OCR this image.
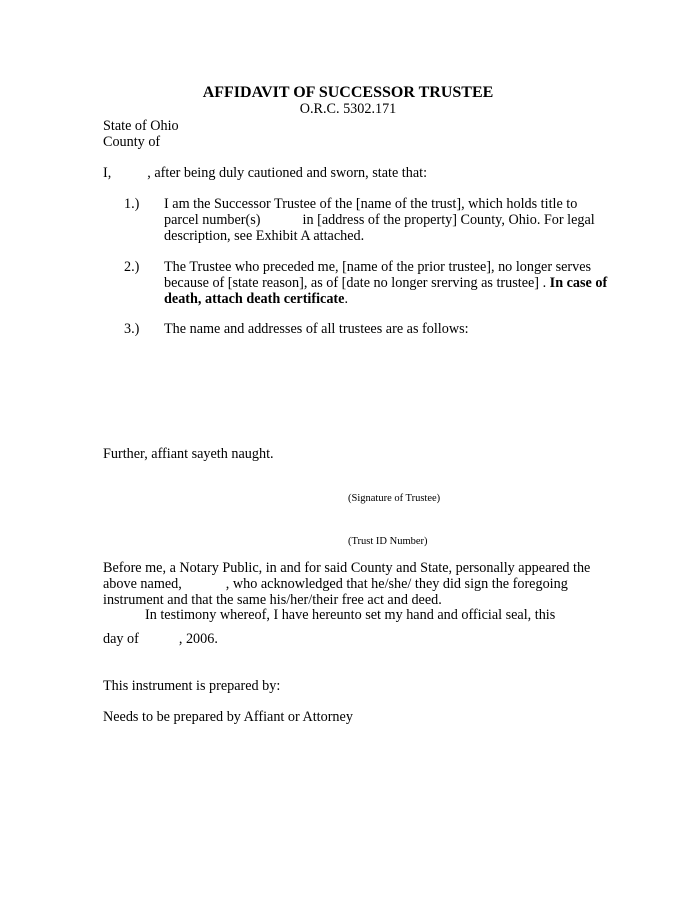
AFFIDAVIT OF SUCCESSOR TRUSTEE
O.R.C. 5302.171
State of Ohio
County of
I,	, after being duly cautioned and sworn, state that:
1.) I am the Successor Trustee of the [name of the trust], which holds title to
parcel number(s)	in [address of the property] County, Ohio. For legal
description, see Exhibit A attached.
2.) The Trustee who preceded me, [name of the prior trustee], no longer serves
because of [state reason], as of [date no longer srerving as trustee] . In case of
death, attach death certificate.
3.) The name and addresses of all trustees are as follows:
Further, affiant sayeth naught.
(Signature of Trustee)
(Trust ID Number)
Before me, a Notary Public, in and for said County and State, personally appeared the
above named,	, who acknowledged that he/she/ they did sign the foregoing
instrument and that the same his/her/their free act and deed.
In testimony whereof, I have hereunto set my hand and official seal, this
day of	, 2006.
This instrument is prepared by:
Needs to be prepared by Affiant or Attorney
